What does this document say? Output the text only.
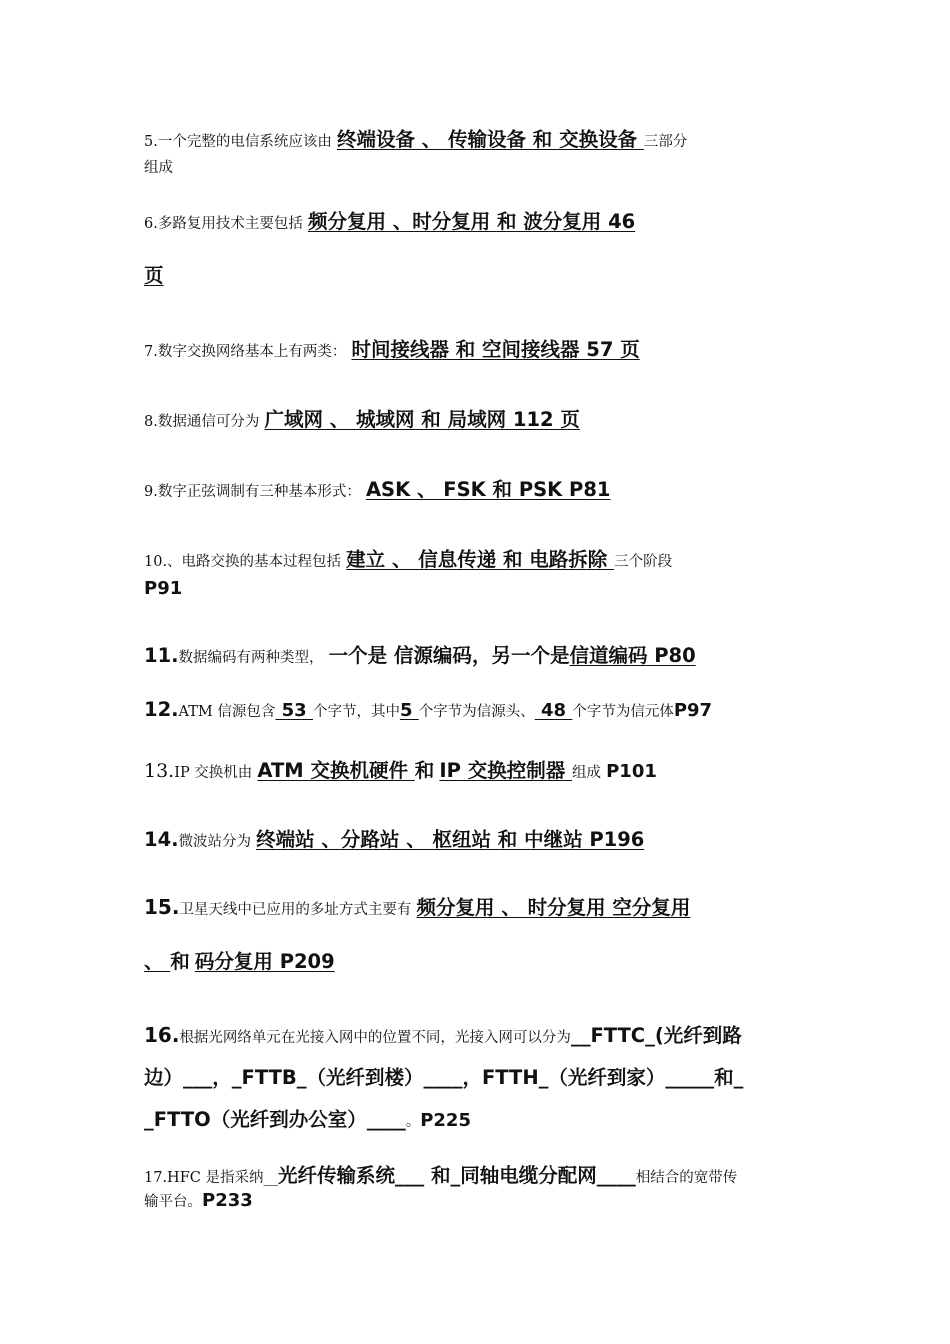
5.一个完整的电信系统应该由 终端设备 、 传输设备 和 交换设备 三部分
组成
6.多路复用技术主要包括 频分复用 、时分复用 和 波分复用 46
页
7.数字交换网络基本上有两类： 时间接线器 和 空间接线器 57 页
8.数据通信可分为 广域网 、 城域网 和 局域网 112 页
9.数字正弦调制有三种基本形式： ASK 、 FSK 和 PSK P81
10.、电路交换的基本过程包括 建立 、 信息传递 和 电路拆除 三个阶段
P91
11.数据编码有两种类型， 一个是 信源编码，另一个是信道编码 P80
12.ATM 信源包含 53 个字节，其中5 个字节为信源头、 48 个字节为信元体P97
13.IP 交换机由 ATM 交换机硬件 和 IP 交换控制器 组成 P101
14.微波站分为 终端站 、分路站 、 枢纽站 和 中继站 P196
15.卫星天线中已应用的多址方式主要有 频分复用 、 时分复用 空分复用
、 和 码分复用 P209
16.根据光网络单元在光接入网中的位置不同，光接入网可以分为__FTTC_(光纤到路
边）___，_FTTB_（光纤到楼）____，FTTH_（光纤到家）_____和_
_FTTO（光纤到办公室）____。P225
17.HFC 是指采纳__光纤传输系统___ 和_同轴电缆分配网____相结合的宽带传
输平台。P233
